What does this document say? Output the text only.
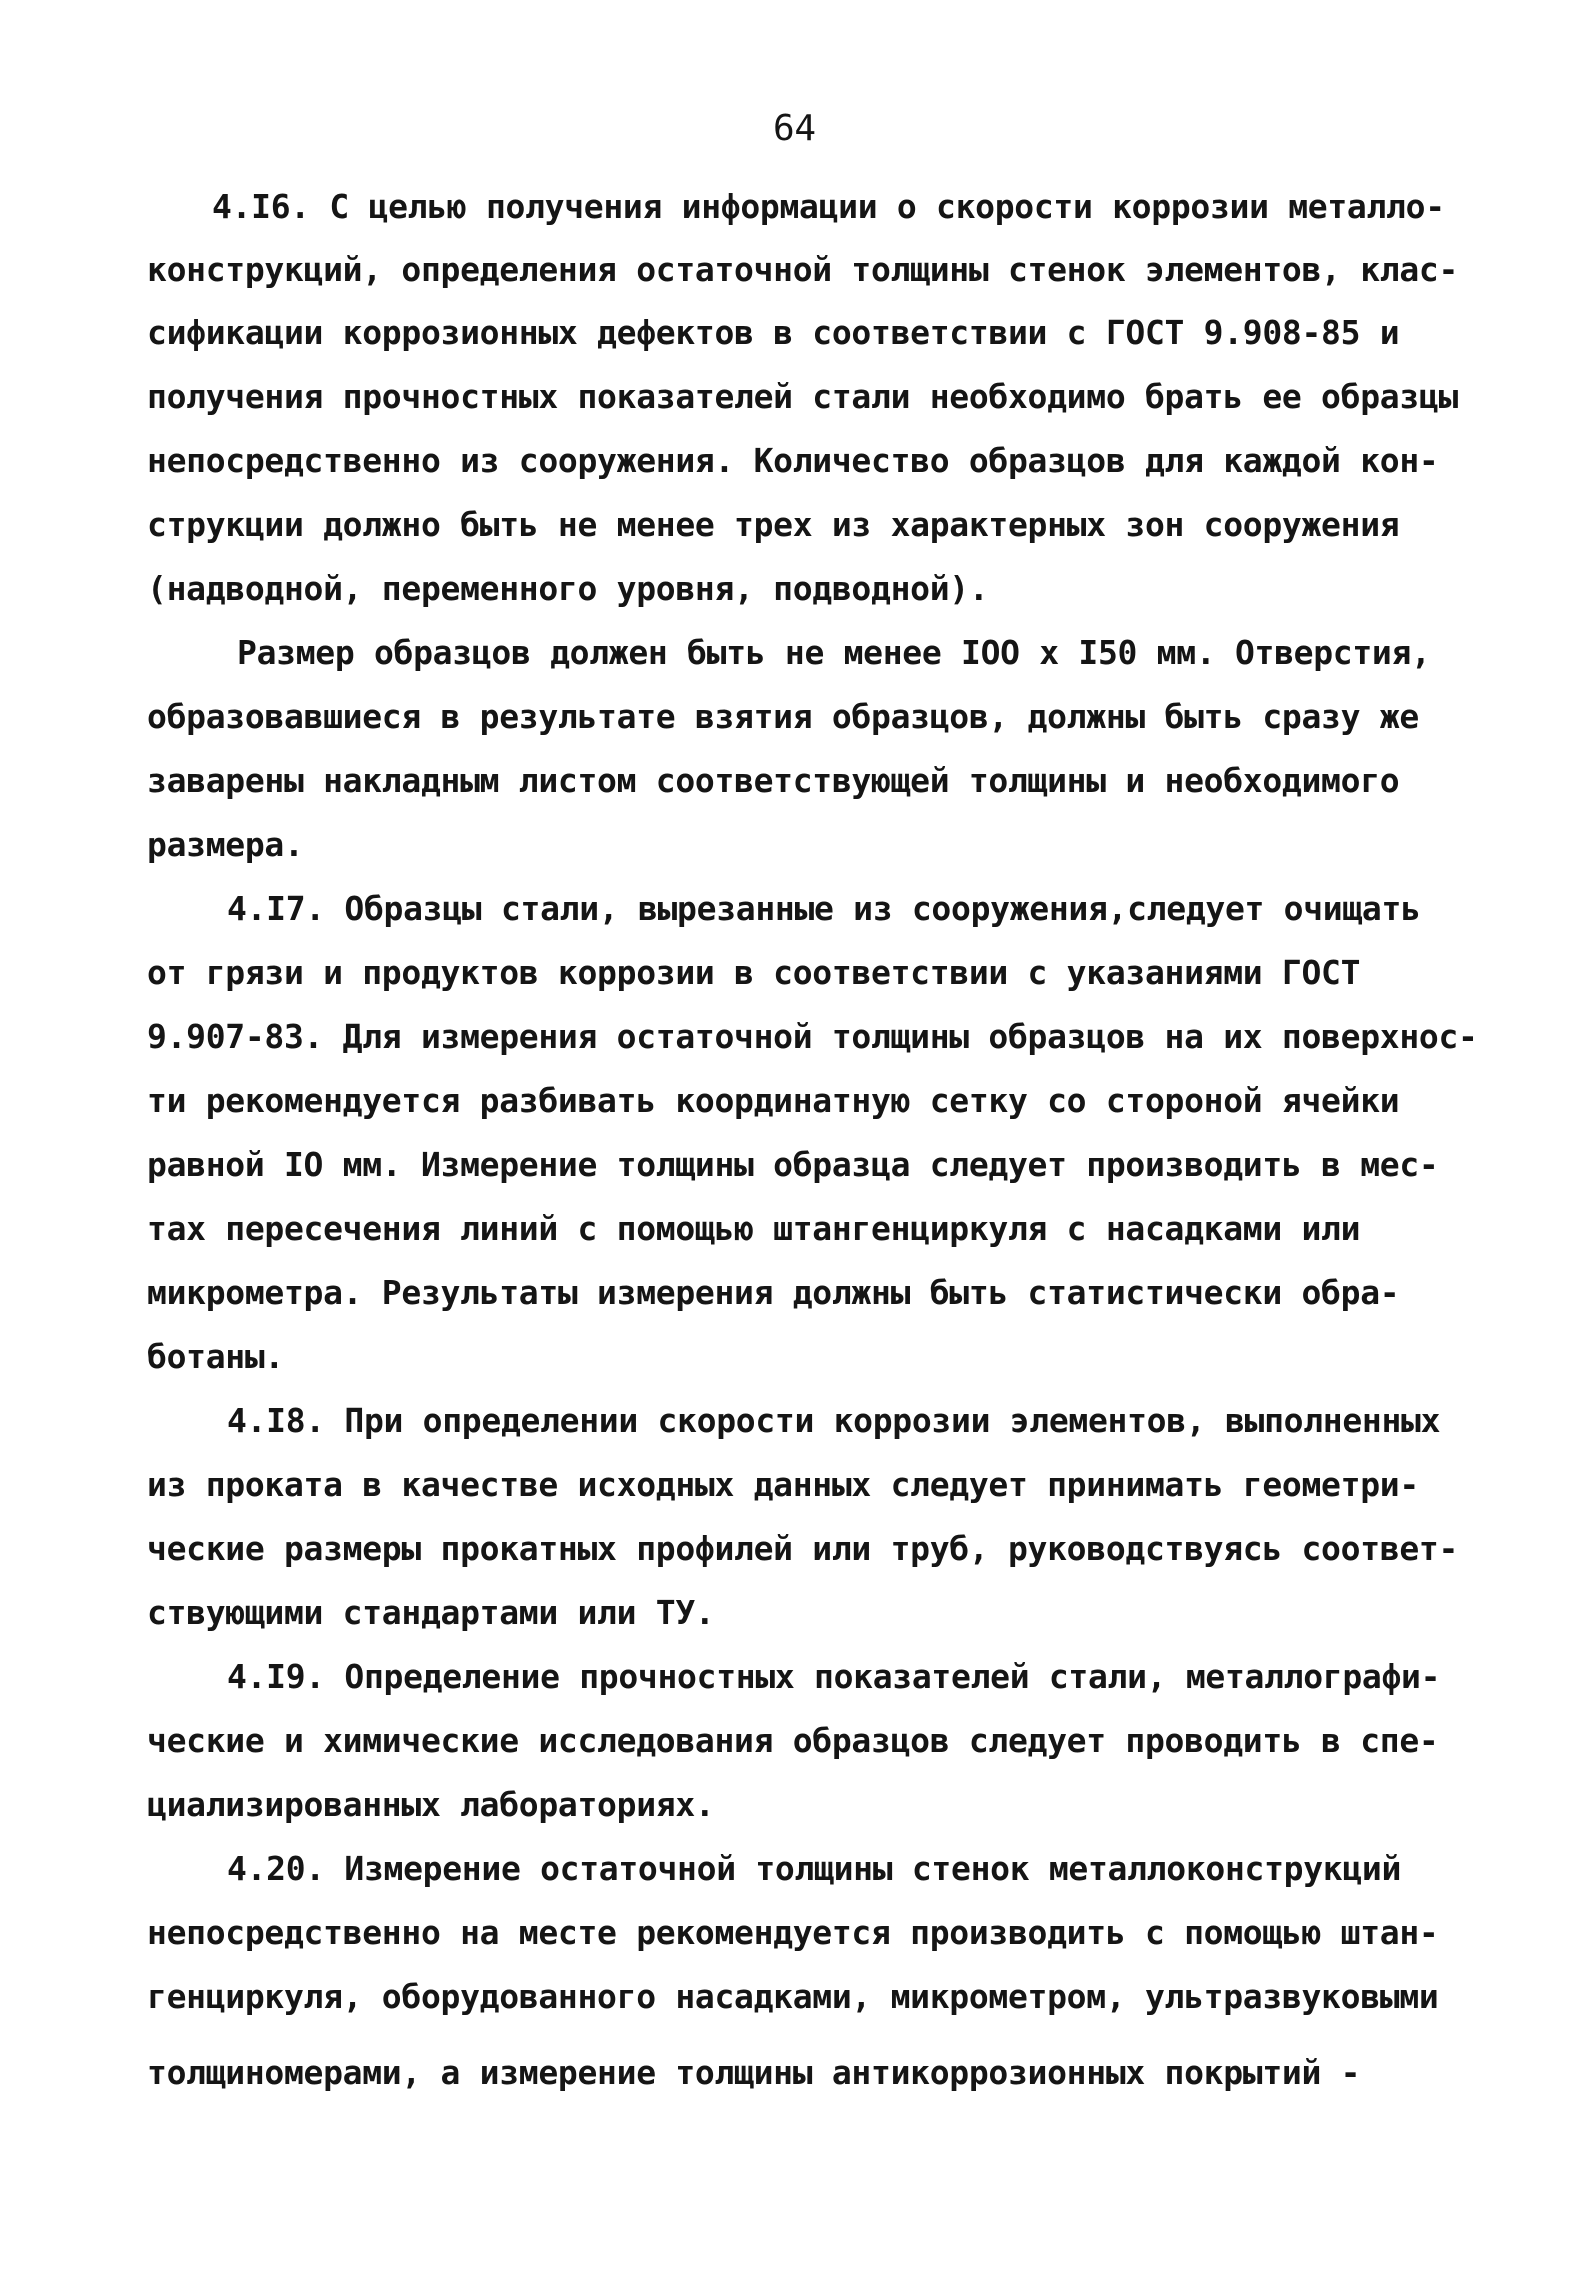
64
4.I6. С целью получения информации о скорости коррозии металло-
конструкций, определения остаточной толщины стенок элементов, клас-
сификации коррозионных дефектов в соответствии с ГОСТ 9.908-85 и
получения прочностных показателей стали необходимо брать ее образцы
непосредственно из сооружения. Количество образцов для каждой кон-
струкции должно быть не менее трех из характерных зон сооружения
(надводной, переменного уровня, подводной).
Размер образцов должен быть не менее IOO х I50 мм. Отверстия,
образовавшиеся в результате взятия образцов, должны быть сразу же
заварены накладным листом соответствующей толщины и необходимого
размера.
4.I7. Образцы стали, вырезанные из сооружения,следует очищать
от грязи и продуктов коррозии в соответствии с указаниями ГОСТ
9.907-83. Для измерения остаточной толщины образцов на их поверхнос-
ти рекомендуется разбивать координатную сетку со стороной ячейки
равной IO мм. Измерение толщины образца следует производить в мес-
тах пересечения линий с помощью штангенциркуля с насадками или
микрометра. Результаты измерения должны быть статистически обра-
ботаны.
4.I8. При определении скорости коррозии элементов, выполненных
из проката в качестве исходных данных следует принимать геометри-
ческие размеры прокатных профилей или труб, руководствуясь соответ-
ствующими стандартами или ТУ.
4.I9. Определение прочностных показателей стали, металлографи-
ческие и химические исследования образцов следует проводить в спе-
циализированных лабораториях.
4.20. Измерение остаточной толщины стенок металлоконструкций
непосредственно на месте рекомендуется производить с помощью штан-
генциркуля, оборудованного насадками, микрометром, ультразвуковыми
толщиномерами, а измерение толщины антикоррозионных покрытий -
